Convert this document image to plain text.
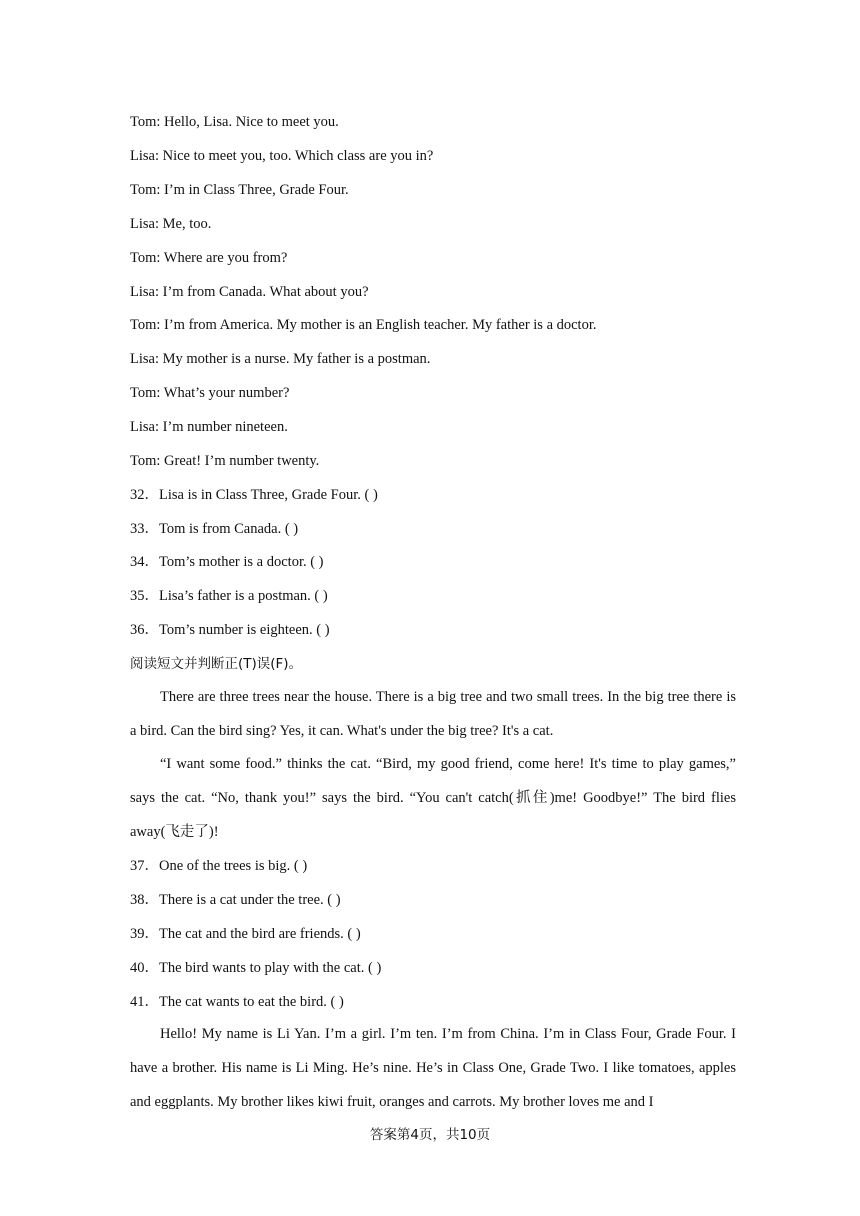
Tom: Hello, Lisa. Nice to meet you.
Lisa: Nice to meet you, too. Which class are you in?
Tom: I’m in Class Three, Grade Four.
Lisa: Me, too.
Tom: Where are you from?
Lisa: I’m from Canada. What about you?
Tom: I’m from America. My mother is an English teacher. My father is a doctor.
Lisa: My mother is a nurse. My father is a postman.
Tom: What’s your number?
Lisa: I’m number nineteen.
Tom: Great! I’m number twenty.
32．Lisa is in Class Three, Grade Four. ( )
33．Tom is from Canada. ( )
34．Tom’s mother is a doctor. ( )
35．Lisa’s father is a postman. ( )
36．Tom’s number is eighteen. ( )
阅读短文并判断正(T)误(F)。
There are three trees near the house. There is a big tree and two small trees. In the big tree there is a bird. Can the bird sing? Yes, it can. What's under the big tree? It's a cat.
“I want some food.” thinks the cat. “Bird, my good friend, come here! It's time to play games,” says the cat. “No, thank you!” says the bird. “You can't catch(抓住)me! Goodbye!” The bird flies away(飞走了)!
37．One of the trees is big. ( )
38．There is a cat under the tree. ( )
39．The cat and the bird are friends. ( )
40．The bird wants to play with the cat. ( )
41．The cat wants to eat the bird. ( )
Hello! My name is Li Yan. I’m a girl. I’m ten. I’m from China. I’m in Class Four, Grade Four. I have a brother. His name is Li Ming. He’s nine. He’s in Class One, Grade Two. I like tomatoes, apples and eggplants. My brother likes kiwi fruit, oranges and carrots. My brother loves me and I
答案第4页，共10页
